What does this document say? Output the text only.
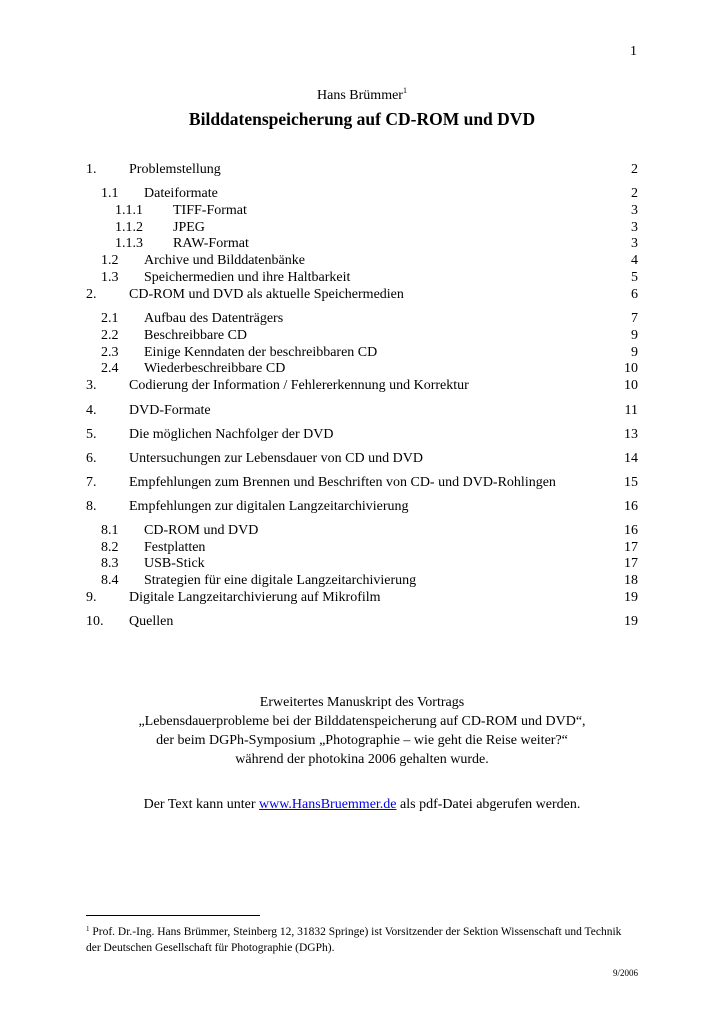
1
Hans Brümmer$^1$
Bilddatenspeicherung auf CD-ROM und DVD
1. Problemstellung	2
1.1 Dateiformate	2
1.1.1 TIFF-Format	3
1.1.2 JPEG	3
1.1.3 RAW-Format	3
1.2 Archive und Bilddatenbänke	4
1.3 Speichermedien und ihre Haltbarkeit	5
2. CD-ROM und DVD als aktuelle Speichermedien	6
2.1 Aufbau des Datenträgers	7
2.2 Beschreibbare CD	9
2.3 Einige Kenndaten der beschreibbaren CD	9
2.4 Wiederbeschreibbare CD	10
3. Codierung der Information / Fehlererkennung und Korrektur	10
4. DVD-Formate	11
5. Die möglichen Nachfolger der DVD	13
6. Untersuchungen zur Lebensdauer von CD und DVD	14
7. Empfehlungen zum Brennen und Beschriften von CD- und DVD-Rohlingen	15
8. Empfehlungen zur digitalen Langzeitarchivierung	16
8.1 CD-ROM und DVD	16
8.2 Festplatten	17
8.3 USB-Stick	17
8.4 Strategien für eine digitale Langzeitarchivierung	18
9. Digitale Langzeitarchivierung auf Mikrofilm	19
10. Quellen	19
Erweitertes Manuskript des Vortrags
„Lebensdauerprobleme bei der Bilddatenspeicherung auf CD-ROM und DVD“,
der beim DGPh-Symposium „Photographie – wie geht die Reise weiter?“
während der photokina 2006 gehalten wurde.
Der Text kann unter www.HansBruemmer.de als pdf-Datei abgerufen werden.
$^1$ Prof. Dr.-Ing. Hans Brümmer, Steinberg 12, 31832 Springe) ist Vorsitzender der Sektion Wissenschaft und Technik der Deutschen Gesellschaft für Photographie (DGPh).
9/2006
